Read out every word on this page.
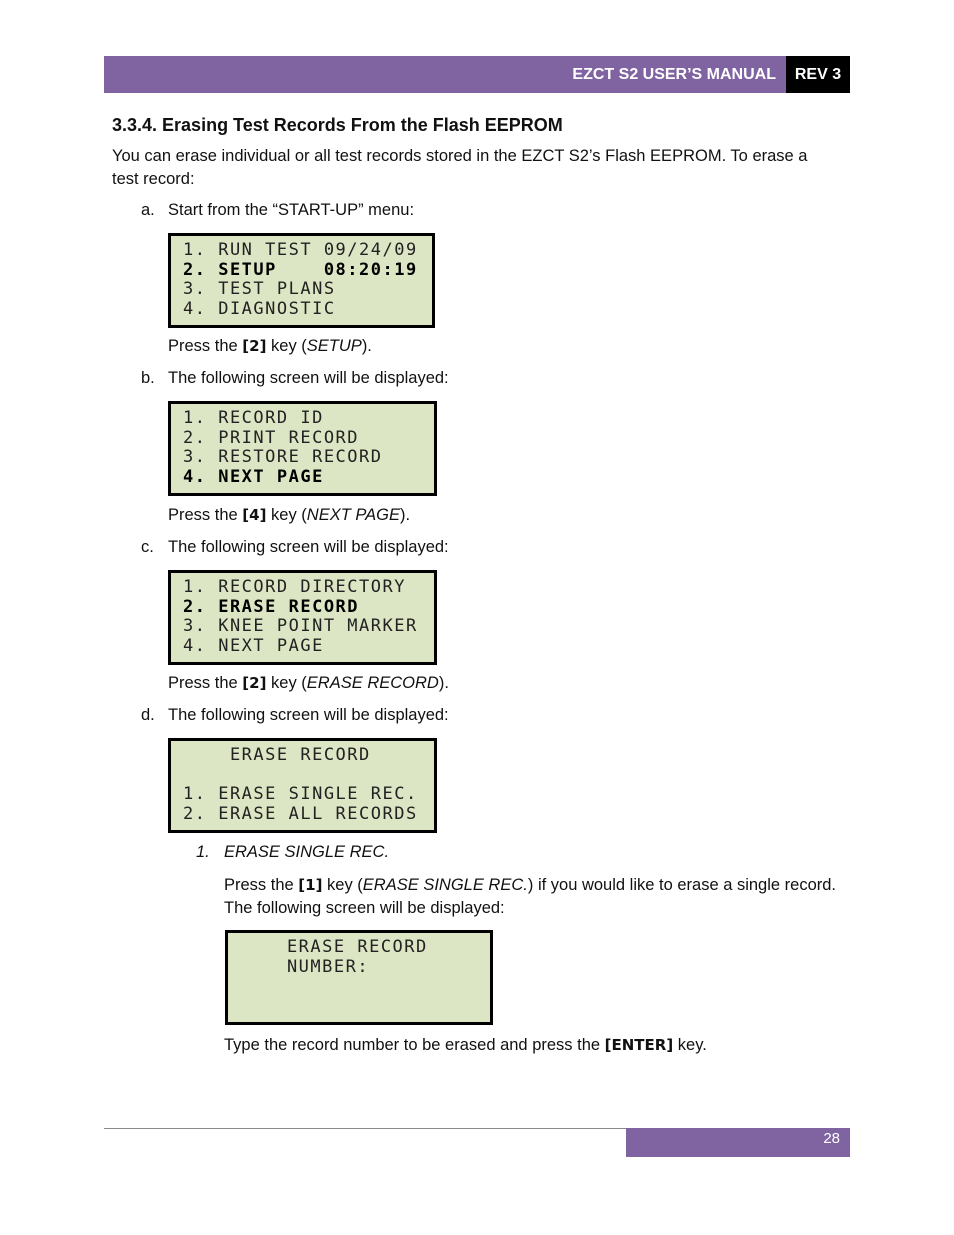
EZCT S2 USER’S MANUAL	REV 3
3.3.4. Erasing Test Records From the Flash EEPROM
You can erase individual or all test records stored in the EZCT S2’s Flash EEPROM. To erase a test record:
a. Start from the “START-UP” menu:
1. RUN TEST 09/24/09
2. SETUP    08:20:19
3. TEST PLANS
4. DIAGNOSTIC
Press the [2] key (SETUP).
b. The following screen will be displayed:
1. RECORD ID
2. PRINT RECORD
3. RESTORE RECORD
4. NEXT PAGE
Press the [4] key (NEXT PAGE).
c. The following screen will be displayed:
1. RECORD DIRECTORY
2. ERASE RECORD
3. KNEE POINT MARKER
4. NEXT PAGE
Press the [2] key (ERASE RECORD).
d. The following screen will be displayed:
ERASE RECORD
1. ERASE SINGLE REC.
2. ERASE ALL RECORDS
1. ERASE SINGLE REC.
Press the [1] key (ERASE SINGLE REC.) if you would like to erase a single record.
The following screen will be displayed:
ERASE RECORD
NUMBER:
Type the record number to be erased and press the [ENTER] key.
28
